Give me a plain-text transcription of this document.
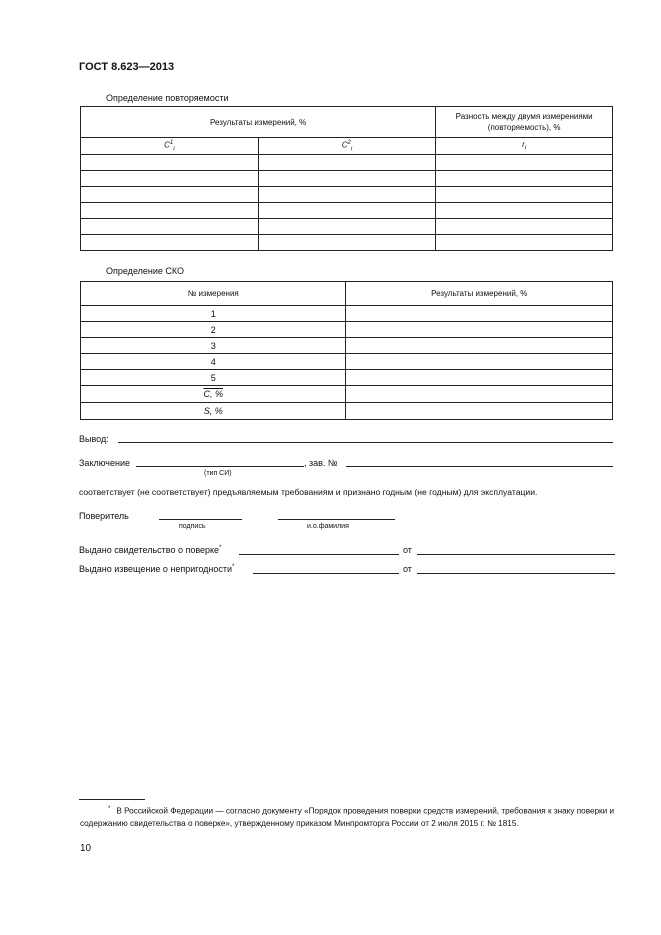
ГОСТ 8.623—2013
Определение повторяемости
Результаты измерений, %		Разность между двумя измерениями (повторяемость), %
$C^1_i$	$C^2_i$	$r_i$

Определение СКО
№ измерения	Результаты измерений, %
1	
2	
3	
4	
5	
C, %	
S, %	
Вывод:
Заключение
(тип СИ)
, зав. №
соответствует (не соответствует) предъявляемым требованиям и признано годным (не годным) для эксплуатации.
Поверитель
подпись	и.о.фамилия
Выдано свидетельство о поверке*	от
Выдано извещение о непригодности*	от
* В Российской Федерации — согласно документу «Порядок проведения поверки средств измерений, требования к знаку поверки и содержанию свидетельства о поверке», утвержденному приказом Минпромторга России от 2 июля 2015 г. № 1815.
10
